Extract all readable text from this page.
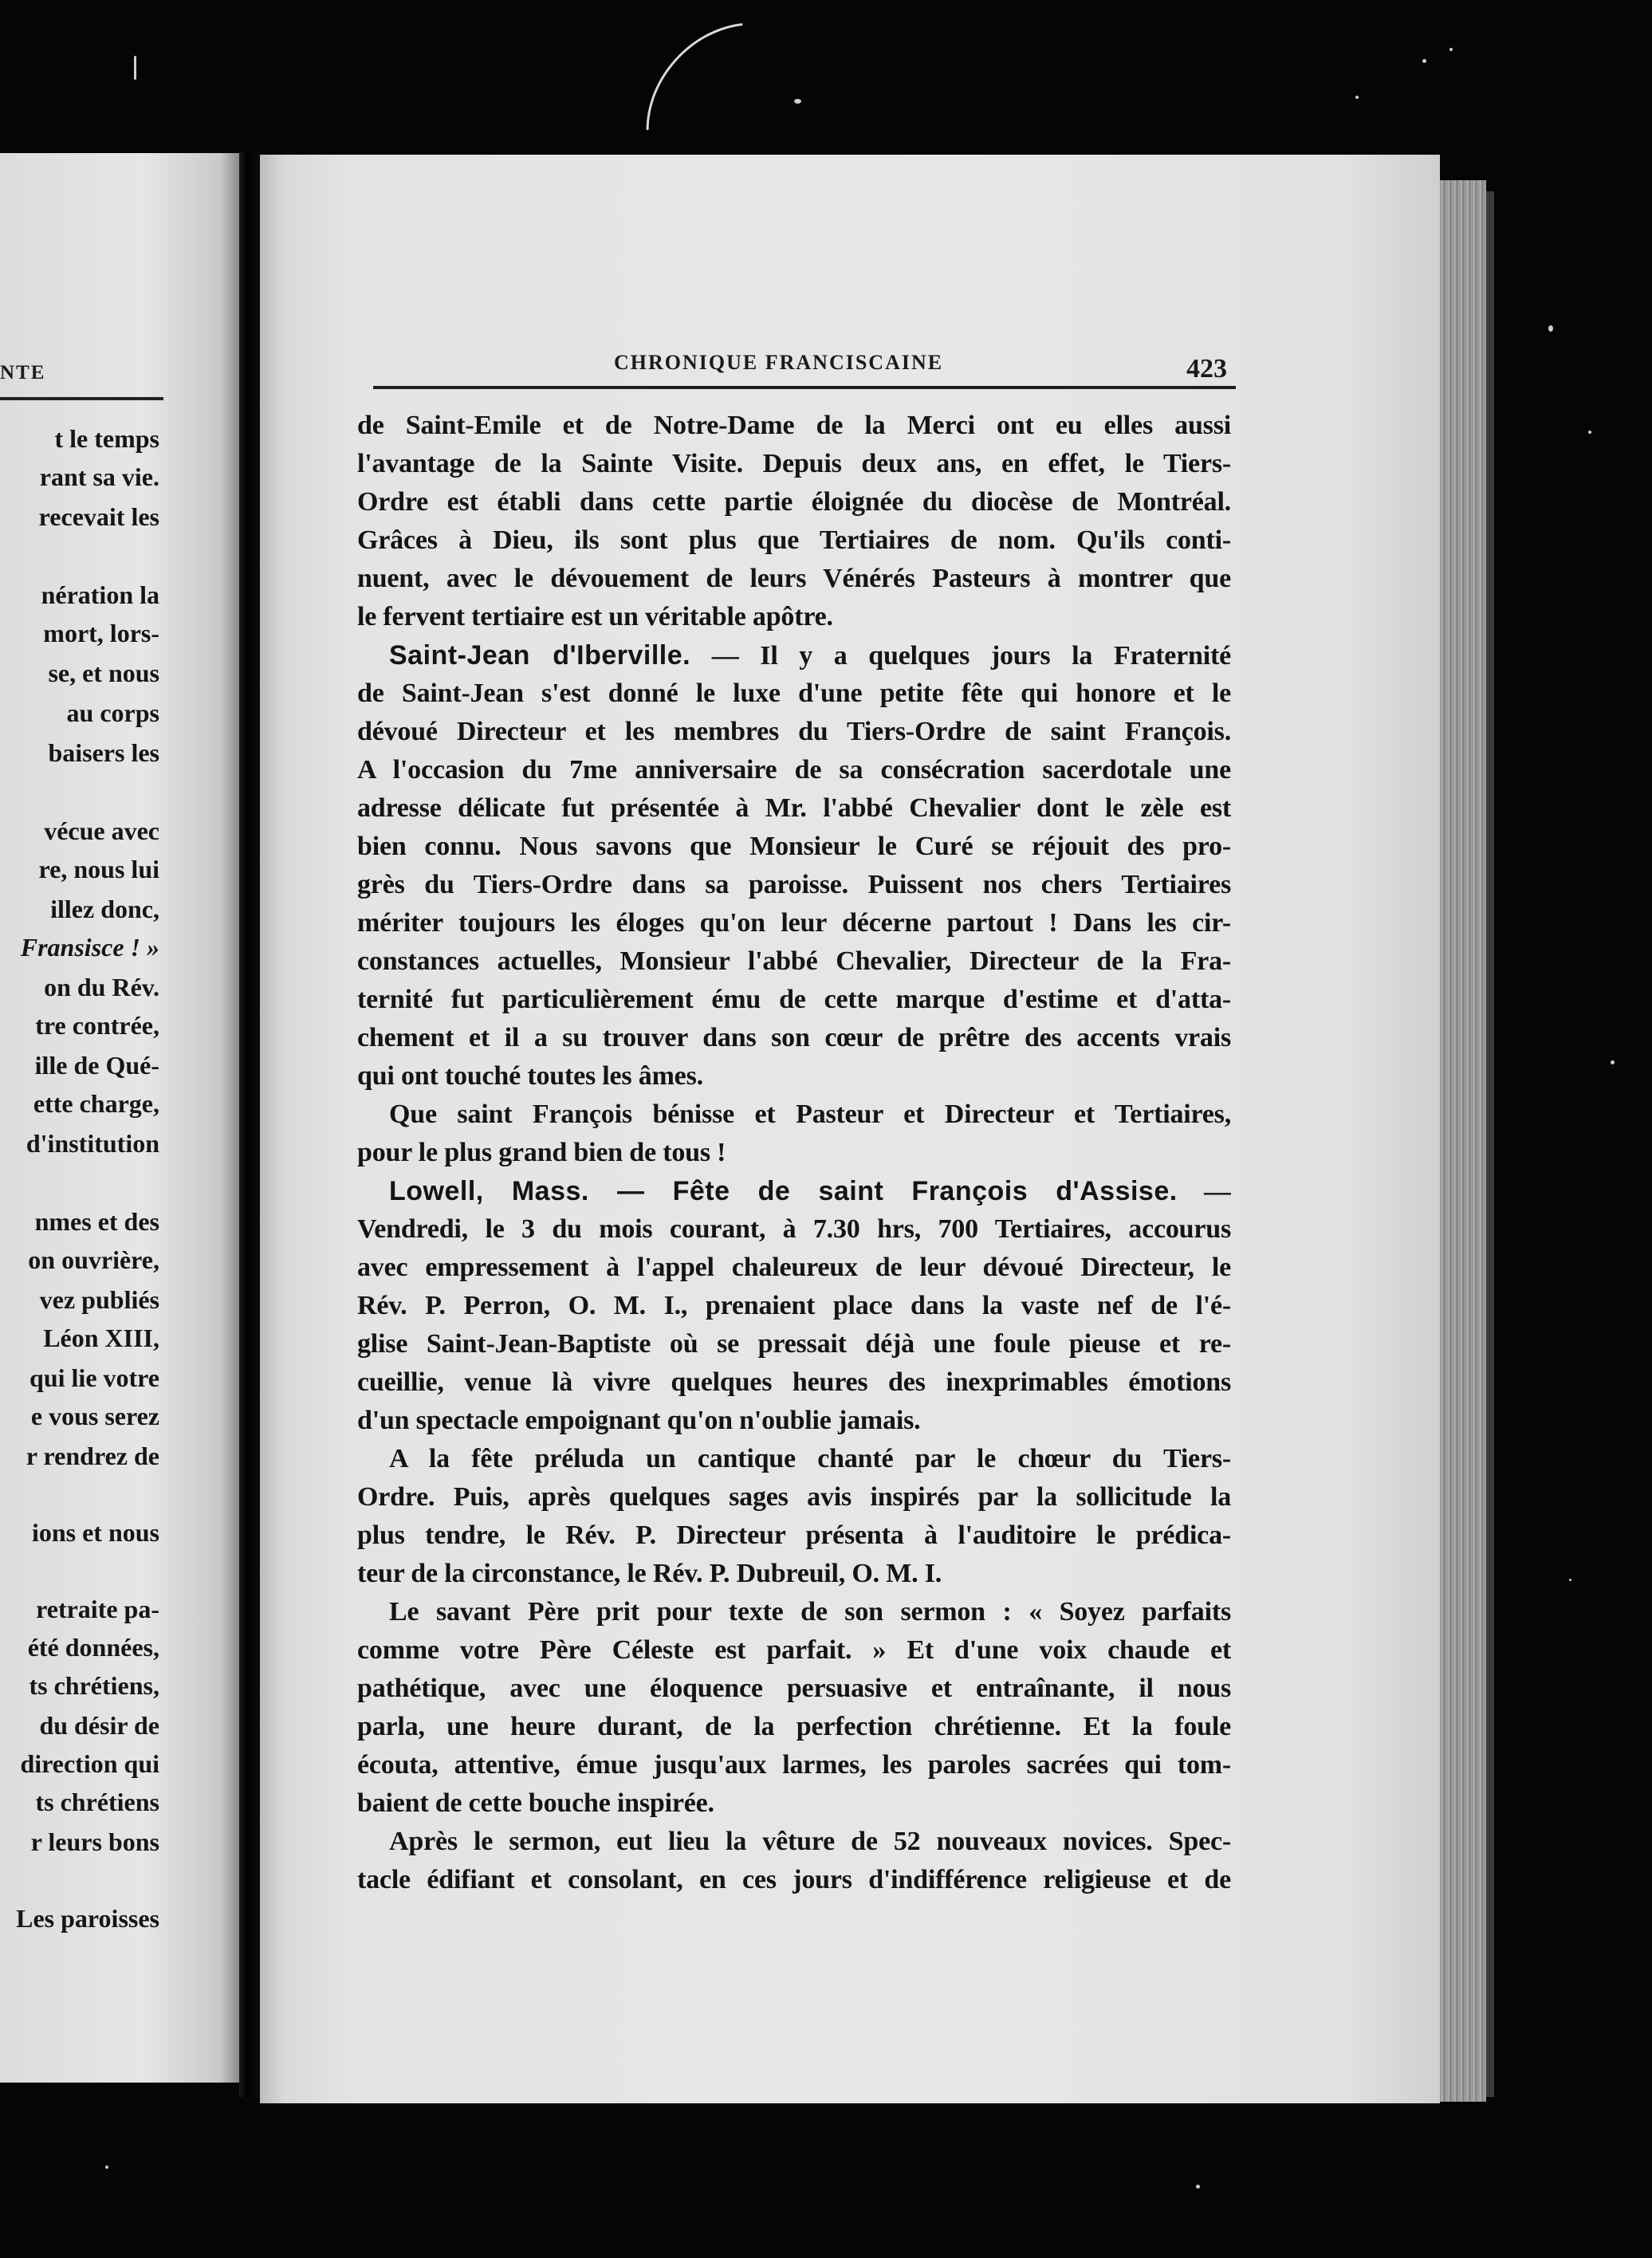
NTE
t le temps
rant sa vie.
recevait les
nération la
mort, lors-
se, et nous
au corps
baisers les
vécue avec
re, nous lui
illez donc,
Fransisce ! »
on du Rév.
tre contrée,
ille de Qué-
ette charge,
d'institution
nmes et des
on ouvrière,
vez publiés
Léon XIII,
qui lie votre
e vous serez
r rendrez de
ions et nous
retraite pa-
été données,
ts chrétiens,
du désir de
direction qui
ts chrétiens
r leurs bons
Les paroisses
CHRONIQUE FRANCISCAINE	423
de Saint-Emile et de Notre-Dame de la Merci ont eu elles aussi
l'avantage de la Sainte Visite. Depuis deux ans, en effet, le Tiers-
Ordre est établi dans cette partie éloignée du diocèse de Montréal.
Grâces à Dieu, ils sont plus que Tertiaires de nom. Qu'ils conti-
nuent, avec le dévouement de leurs Vénérés Pasteurs à montrer que
le fervent tertiaire est un véritable apôtre.
Saint-Jean d'Iberville. — Il y a quelques jours la Fraternité
de Saint-Jean s'est donné le luxe d'une petite fête qui honore et le
dévoué Directeur et les membres du Tiers-Ordre de saint François.
A l'occasion du 7me anniversaire de sa consécration sacerdotale une
adresse délicate fut présentée à Mr. l'abbé Chevalier dont le zèle est
bien connu. Nous savons que Monsieur le Curé se réjouit des pro-
grès du Tiers-Ordre dans sa paroisse. Puissent nos chers Tertiaires
mériter toujours les éloges qu'on leur décerne partout ! Dans les cir-
constances actuelles, Monsieur l'abbé Chevalier, Directeur de la Fra-
ternité fut particulièrement ému de cette marque d'estime et d'atta-
chement et il a su trouver dans son cœur de prêtre des accents vrais
qui ont touché toutes les âmes.
Que saint François bénisse et Pasteur et Directeur et Tertiaires,
pour le plus grand bien de tous !
Lowell, Mass. — Fête de saint François d'Assise. —
Vendredi, le 3 du mois courant, à 7.30 hrs, 700 Tertiaires, accourus
avec empressement à l'appel chaleureux de leur dévoué Directeur, le
Rév. P. Perron, O. M. I., prenaient place dans la vaste nef de l'é-
glise Saint-Jean-Baptiste où se pressait déjà une foule pieuse et re-
cueillie, venue là vivre quelques heures des inexprimables émotions
d'un spectacle empoignant qu'on n'oublie jamais.
A la fête préluda un cantique chanté par le chœur du Tiers-
Ordre. Puis, après quelques sages avis inspirés par la sollicitude la
plus tendre, le Rév. P. Directeur présenta à l'auditoire le prédica-
teur de la circonstance, le Rév. P. Dubreuil, O. M. I.
Le savant Père prit pour texte de son sermon : « Soyez parfaits
comme votre Père Céleste est parfait. » Et d'une voix chaude et
pathétique, avec une éloquence persuasive et entraînante, il nous
parla, une heure durant, de la perfection chrétienne. Et la foule
écouta, attentive, émue jusqu'aux larmes, les paroles sacrées qui tom-
baient de cette bouche inspirée.
Après le sermon, eut lieu la vêture de 52 nouveaux novices. Spec-
tacle édifiant et consolant, en ces jours d'indifférence religieuse et de
